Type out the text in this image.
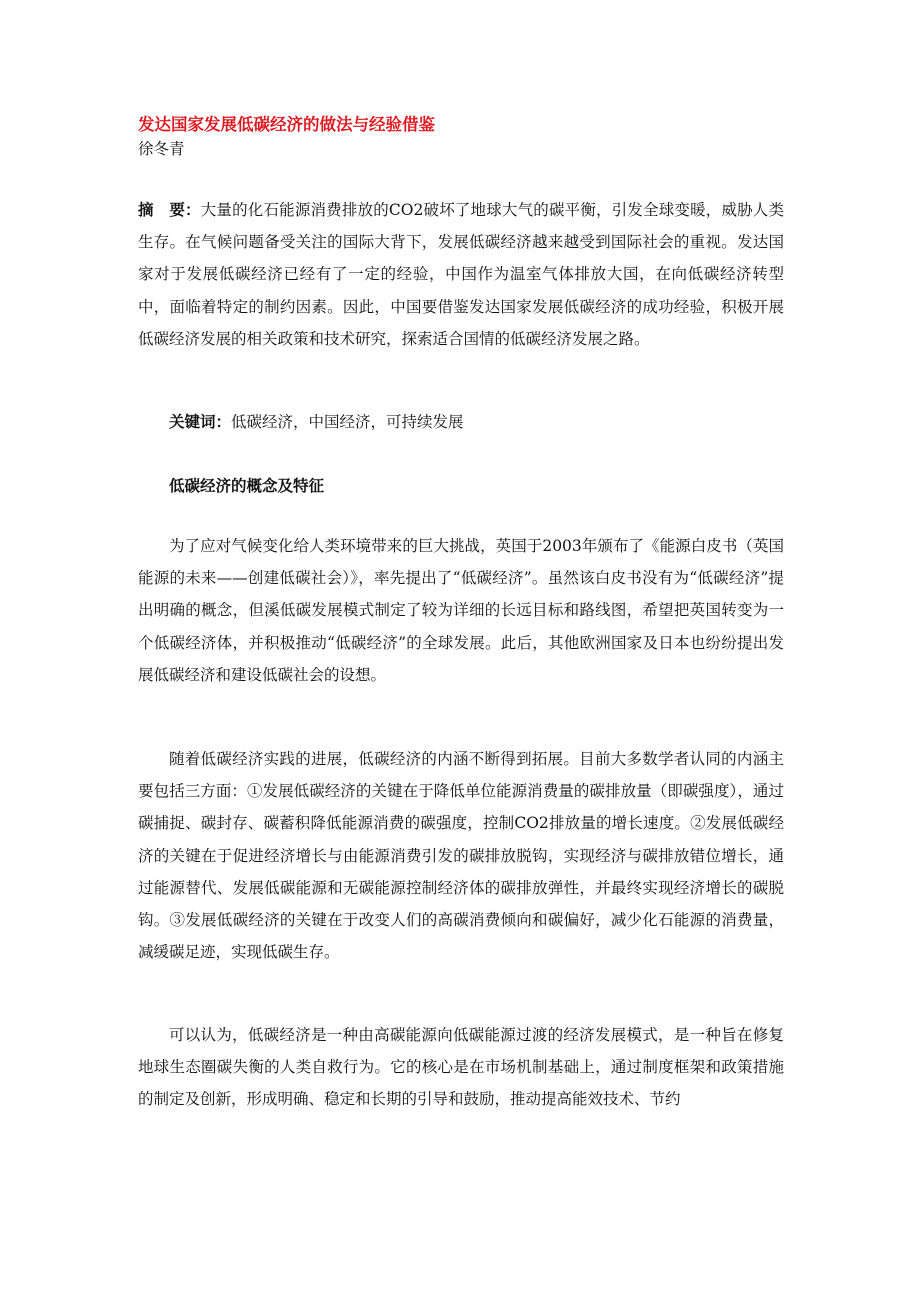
发达国家发展低碳经济的做法与经验借鉴
徐冬青

摘　要：大量的化石能源消费排放的CO2破坏了地球大气的碳平衡，引发全球变暖，威胁人类生存。在气候问题备受关注的国际大背下，发展低碳经济越来越受到国际社会的重视。发达国家对于发展低碳经济已经有了一定的经验，中国作为温室气体排放大国，在向低碳经济转型中，面临着特定的制约因素。因此，中国要借鉴发达国家发展低碳经济的成功经验，积极开展低碳经济发展的相关政策和技术研究，探索适合国情的低碳经济发展之路。

关键词：低碳经济，中国经济，可持续发展

低碳经济的概念及特征

为了应对气候变化给人类环境带来的巨大挑战，英国于2003年颁布了《能源白皮书（英国能源的未来——创建低碳社会）》，率先提出了“低碳经济”。虽然该白皮书没有为“低碳经济”提出明确的概念，但溪低碳发展模式制定了较为详细的长远目标和路线图，希望把英国转变为一个低碳经济体，并积极推动“低碳经济”的全球发展。此后，其他欧洲国家及日本也纷纷提出发展低碳经济和建设低碳社会的设想。

随着低碳经济实践的进展，低碳经济的内涵不断得到拓展。目前大多数学者认同的内涵主要包括三方面：①发展低碳经济的关键在于降低单位能源消费量的碳排放量（即碳强度），通过碳捕捉、碳封存、碳蓄积降低能源消费的碳强度，控制CO2排放量的增长速度。②发展低碳经济的关键在于促进经济增长与由能源消费引发的碳排放脱钩，实现经济与碳排放错位增长，通过能源替代、发展低碳能源和无碳能源控制经济体的碳排放弹性，并最终实现经济增长的碳脱钩。③发展低碳经济的关键在于改变人们的高碳消费倾向和碳偏好，减少化石能源的消费量，减缓碳足迹，实现低碳生存。

可以认为，低碳经济是一种由高碳能源向低碳能源过渡的经济发展模式，是一种旨在修复地球生态圈碳失衡的人类自救行为。它的核心是在市场机制基础上，通过制度框架和政策措施的制定及创新，形成明确、稳定和长期的引导和鼓励，推动提高能效技术、节约
